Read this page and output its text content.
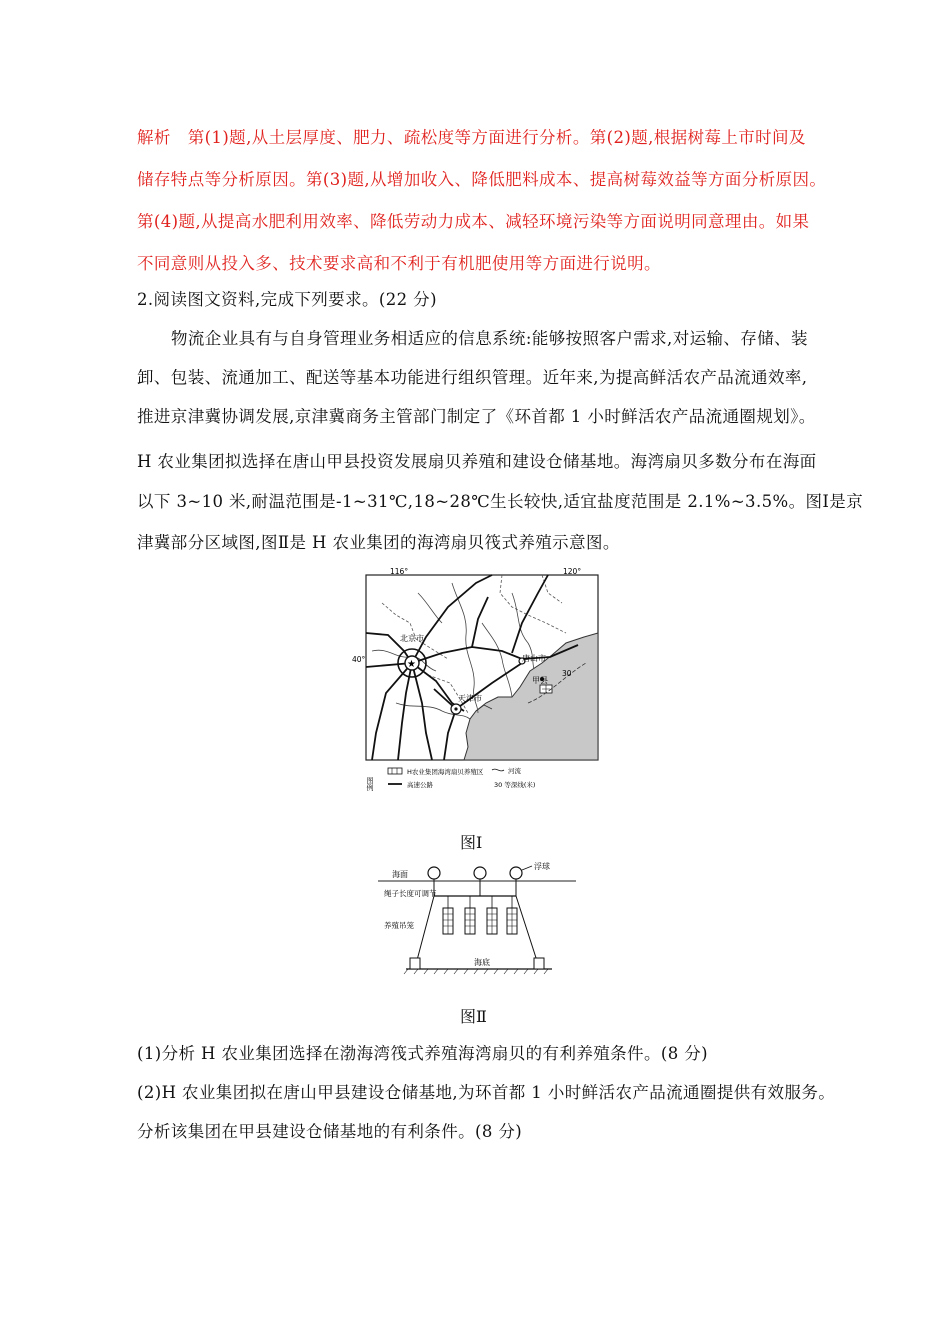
解析　第(1)题,从土层厚度、肥力、疏松度等方面进行分析。第(2)题,根据树莓上市时间及
储存特点等分析原因。第(3)题,从增加收入、降低肥料成本、提高树莓效益等方面分析原因。
第(4)题,从提高水肥利用效率、降低劳动力成本、减轻环境污染等方面说明同意理由。如果
不同意则从投入多、技术要求高和不利于有机肥使用等方面进行说明。
2.阅读图文资料,完成下列要求。(22 分)
物流企业具有与自身管理业务相适应的信息系统:能够按照客户需求,对运输、存储、装
卸、包装、流通加工、配送等基本功能进行组织管理。近年来,为提高鲜活农产品流通效率,
推进京津冀协调发展,京津冀商务主管部门制定了《环首都 1 小时鲜活农产品流通圈规划》。
H 农业集团拟选择在唐山甲县投资发展扇贝养殖和建设仓储基地。海湾扇贝多数分布在海面
以下 3~10 米,耐温范围是-1~31℃,18~28℃生长较快,适宜盐度范围是 2.1%~3.5%。图Ⅰ是京
津冀部分区域图,图Ⅱ是 H 农业集团的海湾扇贝筏式养殖示意图。
★
116°	120°
40°
北京市
唐山市
天津市
甲县
30
图例
H农业集团海湾扇贝养殖区
高速公路
河流
30 等深线(米)
图Ⅰ
海面
浮球
绳子长度可调节
养殖吊笼
海底
图Ⅱ
(1)分析 H 农业集团选择在渤海湾筏式养殖海湾扇贝的有利养殖条件。(8 分)
(2)H 农业集团拟在唐山甲县建设仓储基地,为环首都 1 小时鲜活农产品流通圈提供有效服务。
分析该集团在甲县建设仓储基地的有利条件。(8 分)
